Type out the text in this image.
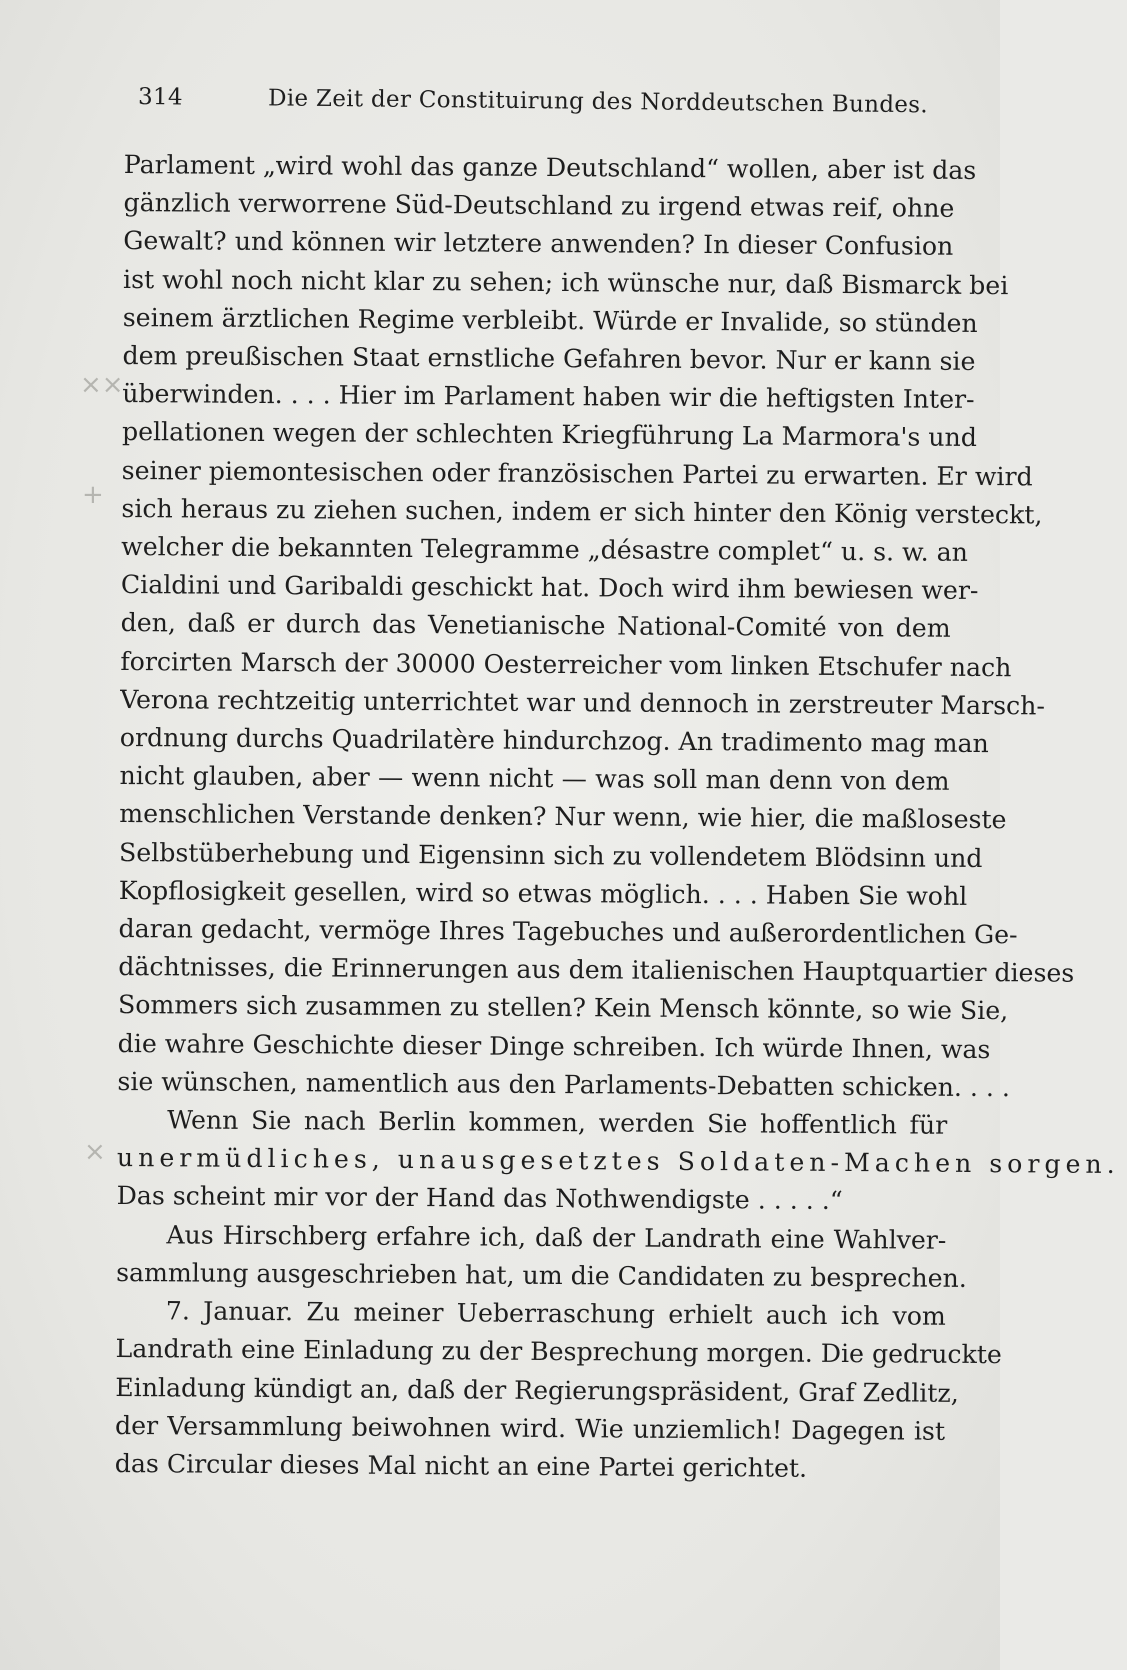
314	Die Zeit der Constituirung des Norddeutschen Bundes.
××
+
×
Parlament „wird wohl das ganze Deutschland“ wollen, aber ist das
gänzlich verworrene Süd-Deutschland zu irgend etwas reif, ohne
Gewalt? und können wir letztere anwenden? In dieser Confusion
ist wohl noch nicht klar zu sehen; ich wünsche nur, daß Bismarck bei
seinem ärztlichen Regime verbleibt. Würde er Invalide, so stünden
dem preußischen Staat ernstliche Gefahren bevor. Nur er kann sie
überwinden. . . . Hier im Parlament haben wir die heftigsten Inter-
pellationen wegen der schlechten Kriegführung La Marmora's und
seiner piemontesischen oder französischen Partei zu erwarten. Er wird
sich heraus zu ziehen suchen, indem er sich hinter den König versteckt,
welcher die bekannten Telegramme „désastre complet“ u. s. w. an
Cialdini und Garibaldi geschickt hat. Doch wird ihm bewiesen wer-
den, daß er durch das Venetianische National-Comité von dem
forcirten Marsch der 30000 Oesterreicher vom linken Etschufer nach
Verona rechtzeitig unterrichtet war und dennoch in zerstreuter Marsch-
ordnung durchs Quadrilatère hindurchzog. An tradimento mag man
nicht glauben, aber — wenn nicht — was soll man denn von dem
menschlichen Verstande denken? Nur wenn, wie hier, die maßloseste
Selbstüberhebung und Eigensinn sich zu vollendetem Blödsinn und
Kopflosigkeit gesellen, wird so etwas möglich. . . . Haben Sie wohl
daran gedacht, vermöge Ihres Tagebuches und außerordentlichen Ge-
dächtnisses, die Erinnerungen aus dem italienischen Hauptquartier dieses
Sommers sich zusammen zu stellen? Kein Mensch könnte, so wie Sie,
die wahre Geschichte dieser Dinge schreiben. Ich würde Ihnen, was
sie wünschen, namentlich aus den Parlaments-Debatten schicken. . . .
Wenn Sie nach Berlin kommen, werden Sie hoffentlich für
unermüdliches, unausgesetztes Soldaten-Machen sorgen.
Das scheint mir vor der Hand das Nothwendigste . . . . .“
Aus Hirschberg erfahre ich, daß der Landrath eine Wahlver-
sammlung ausgeschrieben hat, um die Candidaten zu besprechen.
7. Januar. Zu meiner Ueberraschung erhielt auch ich vom
Landrath eine Einladung zu der Besprechung morgen. Die gedruckte
Einladung kündigt an, daß der Regierungspräsident, Graf Zedlitz,
der Versammlung beiwohnen wird. Wie unziemlich! Dagegen ist
das Circular dieses Mal nicht an eine Partei gerichtet.
